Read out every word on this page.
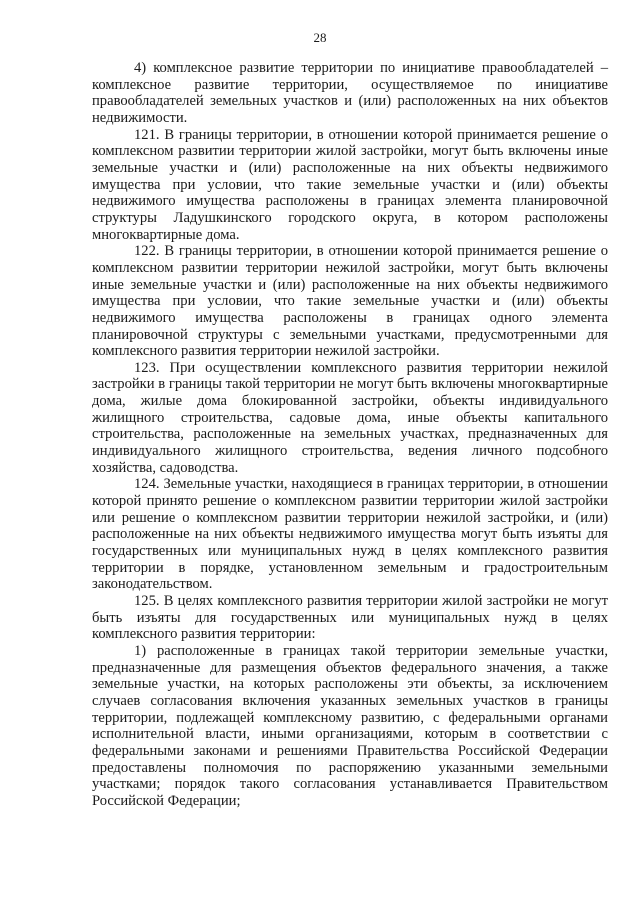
28

4) комплексное развитие территории по инициативе правообладателей – комплексное развитие территории, осуществляемое по инициативе правообладателей земельных участков и (или) расположенных на них объектов недвижимости.

121. В границы территории, в отношении которой принимается решение о комплексном развитии территории жилой застройки, могут быть включены иные земельные участки и (или) расположенные на них объекты недвижимого имущества при условии, что такие земельные участки и (или) объекты недвижимого имущества расположены в границах элемента планировочной структуры Ладушкинского городского округа, в котором расположены многоквартирные дома.

122. В границы территории, в отношении которой принимается решение о комплексном развитии территории нежилой застройки, могут быть включены иные земельные участки и (или) расположенные на них объекты недвижимого имущества при условии, что такие земельные участки и (или) объекты недвижимого имущества расположены в границах одного элемента планировочной структуры с земельными участками, предусмотренными для комплексного развития территории нежилой застройки.

123. При осуществлении комплексного развития территории нежилой застройки в границы такой территории не могут быть включены многоквартирные дома, жилые дома блокированной застройки, объекты индивидуального жилищного строительства, садовые дома, иные объекты капитального строительства, расположенные на земельных участках, предназначенных для индивидуального жилищного строительства, ведения личного подсобного хозяйства, садоводства.

124. Земельные участки, находящиеся в границах территории, в отношении которой принято решение о комплексном развитии территории жилой застройки или решение о комплексном развитии территории нежилой застройки, и (или) расположенные на них объекты недвижимого имущества могут быть изъяты для государственных или муниципальных нужд в целях комплексного развития территории в порядке, установленном земельным и градостроительным законодательством.

125. В целях комплексного развития территории жилой застройки не могут быть изъяты для государственных или муниципальных нужд в целях комплексного развития территории:

1) расположенные в границах такой территории земельные участки, предназначенные для размещения объектов федерального значения, а также земельные участки, на которых расположены эти объекты, за исключением случаев согласования включения указанных земельных участков в границы территории, подлежащей комплексному развитию, с федеральными органами исполнительной власти, иными организациями, которым в соответствии с федеральными законами и решениями Правительства Российской Федерации предоставлены полномочия по распоряжению указанными земельными участками; порядок такого согласования устанавливается Правительством Российской Федерации;
